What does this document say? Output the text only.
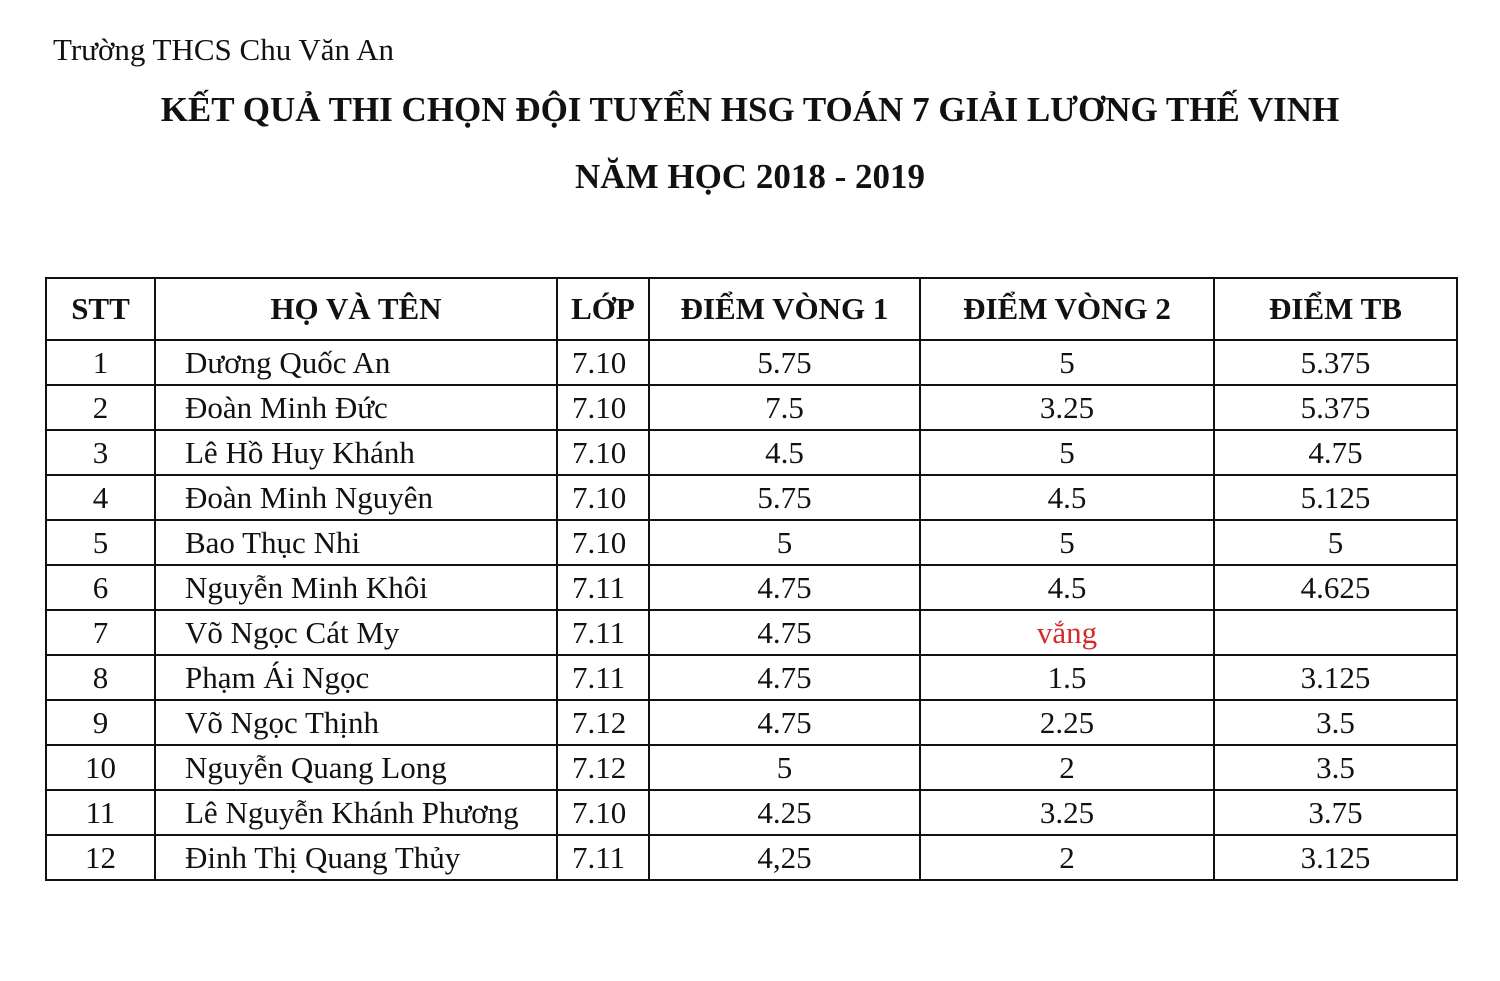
Trường THCS Chu Văn An
KẾT QUẢ THI CHỌN ĐỘI TUYỂN HSG TOÁN 7 GIẢI LƯƠNG THẾ VINH
NĂM HỌC 2018 - 2019
STT	HỌ VÀ TÊN	LỚP	ĐIỂM VÒNG 1	ĐIỂM VÒNG 2	ĐIỂM TB
1	Dương Quốc An	7.10	5.75	5	5.375
2	Đoàn Minh Đức	7.10	7.5	3.25	5.375
3	Lê Hồ Huy Khánh	7.10	4.5	5	4.75
4	Đoàn Minh Nguyên	7.10	5.75	4.5	5.125
5	Bao Thục Nhi	7.10	5	5	5
6	Nguyễn Minh Khôi	7.11	4.75	4.5	4.625
7	Võ Ngọc Cát My	7.11	4.75	vắng	
8	Phạm Ái Ngọc	7.11	4.75	1.5	3.125
9	Võ Ngọc Thịnh	7.12	4.75	2.25	3.5
10	Nguyễn Quang Long	7.12	5	2	3.5
11	Lê Nguyễn Khánh Phương	7.10	4.25	3.25	3.75
12	Đinh Thị Quang Thủy	7.11	4,25	2	3.125
